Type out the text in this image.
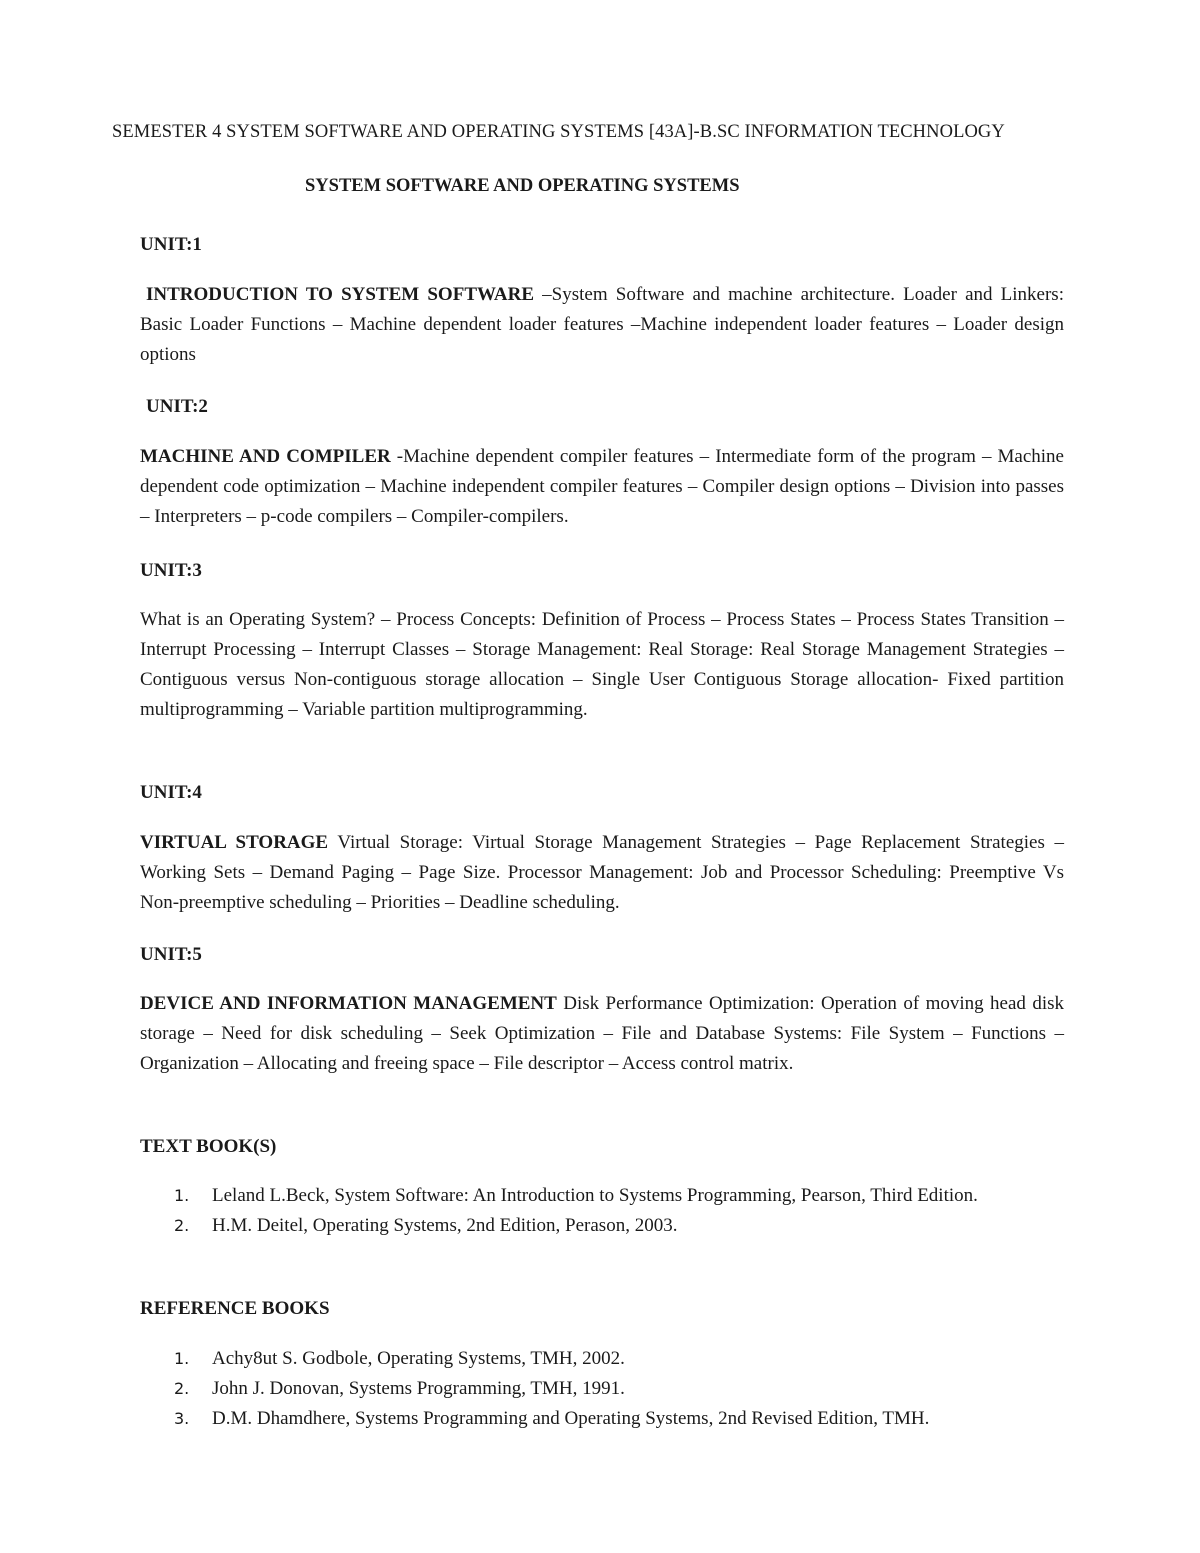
SEMESTER 4 SYSTEM SOFTWARE AND OPERATING SYSTEMS [43A]-B.SC INFORMATION TECHNOLOGY
SYSTEM SOFTWARE AND OPERATING SYSTEMS
UNIT:1
INTRODUCTION TO SYSTEM SOFTWARE –System Software and machine architecture. Loader and Linkers: Basic Loader Functions – Machine dependent loader features –Machine independent loader features – Loader design options
UNIT:2
MACHINE AND COMPILER -Machine dependent compiler features – Intermediate form of the program – Machine dependent code optimization – Machine independent compiler features – Compiler design options – Division into passes – Interpreters – p-code compilers – Compiler-compilers.
UNIT:3
What is an Operating System? – Process Concepts: Definition of Process – Process States – Process States Transition – Interrupt Processing – Interrupt Classes – Storage Management: Real Storage: Real Storage Management Strategies – Contiguous versus Non-contiguous storage allocation – Single User Contiguous Storage allocation- Fixed partition multiprogramming – Variable partition multiprogramming.
UNIT:4
VIRTUAL STORAGE Virtual Storage: Virtual Storage Management Strategies – Page Replacement Strategies – Working Sets – Demand Paging – Page Size. Processor Management: Job and Processor Scheduling: Preemptive Vs Non-preemptive scheduling – Priorities – Deadline scheduling.
UNIT:5
DEVICE AND INFORMATION MANAGEMENT Disk Performance Optimization: Operation of moving head disk storage – Need for disk scheduling – Seek Optimization – File and Database Systems: File System – Functions – Organization – Allocating and freeing space – File descriptor – Access control matrix.
TEXT BOOK(S)
1. Leland L.Beck, System Software: An Introduction to Systems Programming, Pearson, Third Edition.
2. H.M. Deitel, Operating Systems, 2nd Edition, Perason, 2003.
REFERENCE BOOKS
1. Achy8ut S. Godbole, Operating Systems, TMH, 2002.
2. John J. Donovan, Systems Programming, TMH, 1991.
3. D.M. Dhamdhere, Systems Programming and Operating Systems, 2nd Revised Edition, TMH.
